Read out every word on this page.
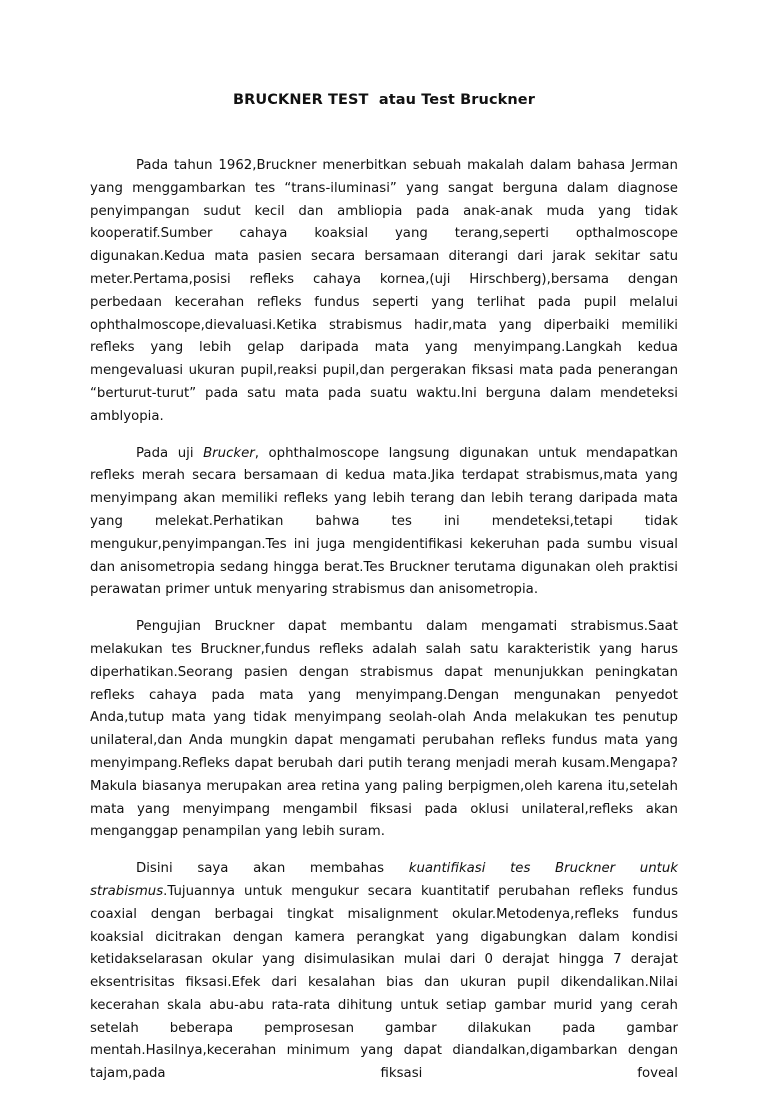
BRUCKNER TEST  atau Test Bruckner

Pada tahun 1962,Bruckner menerbitkan sebuah makalah dalam bahasa Jerman yang menggambarkan tes “trans-iluminasi” yang sangat berguna dalam diagnose penyimpangan sudut kecil dan ambliopia pada anak-anak muda yang tidak kooperatif.Sumber cahaya koaksial yang terang,seperti opthalmoscope digunakan.Kedua mata pasien secara bersamaan diterangi dari jarak sekitar satu meter.Pertama,posisi refleks cahaya kornea,(uji Hirschberg),bersama dengan perbedaan kecerahan refleks fundus seperti yang terlihat pada pupil melalui ophthalmoscope,dievaluasi.Ketika strabismus hadir,mata yang diperbaiki memiliki refleks yang lebih gelap daripada mata yang menyimpang.Langkah kedua mengevaluasi ukuran pupil,reaksi pupil,dan pergerakan fiksasi mata pada penerangan “berturut-turut” pada satu mata pada suatu waktu.Ini berguna dalam mendeteksi amblyopia.

Pada uji Brucker, ophthalmoscope langsung digunakan untuk mendapatkan refleks merah secara bersamaan di kedua mata.Jika terdapat strabismus,mata yang menyimpang akan memiliki refleks yang lebih terang dan lebih terang daripada mata yang melekat.Perhatikan bahwa tes ini mendeteksi,tetapi tidak mengukur,penyimpangan.Tes ini juga mengidentifikasi kekeruhan pada sumbu visual dan anisometropia sedang hingga berat.Tes Bruckner terutama digunakan oleh praktisi perawatan primer untuk menyaring strabismus dan anisometropia.

Pengujian Bruckner dapat membantu dalam mengamati strabismus.Saat melakukan tes Bruckner,fundus refleks adalah salah satu karakteristik yang harus diperhatikan.Seorang pasien dengan strabismus dapat menunjukkan peningkatan refleks cahaya pada mata yang menyimpang.Dengan mengunakan penyedot Anda,tutup mata yang tidak menyimpang seolah-olah Anda melakukan tes penutup unilateral,dan Anda mungkin dapat mengamati perubahan refleks fundus mata yang menyimpang.Refleks dapat berubah dari putih terang menjadi merah kusam.Mengapa? Makula biasanya merupakan area retina yang paling berpigmen,oleh karena itu,setelah mata yang menyimpang mengambil fiksasi pada oklusi unilateral,refleks akan menganggap penampilan yang lebih suram.

Disini saya akan membahas kuantifikasi tes Bruckner untuk strabismus.Tujuannya untuk mengukur secara kuantitatif perubahan refleks fundus coaxial dengan berbagai tingkat misalignment okular.Metodenya,refleks fundus koaksial dicitrakan dengan kamera perangkat yang digabungkan dalam kondisi ketidakselarasan okular yang disimulasikan mulai dari 0 derajat hingga 7 derajat eksentrisitas fiksasi.Efek dari kesalahan bias dan ukuran pupil dikendalikan.Nilai kecerahan skala abu-abu rata-rata dihitung untuk setiap gambar murid yang cerah setelah beberapa pemprosesan gambar dilakukan pada gambar mentah.Hasilnya,kecerahan minimum yang dapat diandalkan,digambarkan dengan tajam,pada fiksasi foveal
